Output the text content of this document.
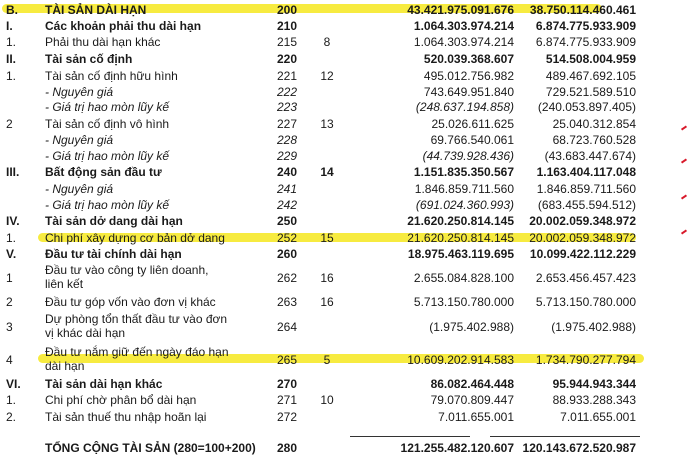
B. TÀI SẢN DÀI HẠN	200	43.421.975.091.676 38.750.114.460.461
I.	Các khoản phải thu dài hạn	210	1.064.303.974.214 6.874.775.933.909
1. Phải thu dài hạn khác	215	8	1.064.303.974.214 6.874.775.933.909
II. Tài sản cố định	220	520.039.368.607	514.508.004.959
1. Tài sản cố định hữu hình	221	12	495.012.756.982	489.467.692.105
- Nguyên giá	222	743.649.951.840	729.521.589.510
- Giá trị hao mòn lũy kế	223	(248.637.194.858) (240.053.897.405)
2	Tài sản cố định vô hình	227	13	25.026.611.625	25.040.312.854
- Nguyên giá	228	69.766.540.061	68.723.760.528
- Giá trị hao mòn lũy kế	229	(44.739.928.436)	(43.683.447.674)
III. Bất động sản đầu tư	240	14	1.151.835.350.567 1.163.404.117.048
- Nguyên giá	241	1.846.859.711.560 1.846.859.711.560
- Giá trị hao mòn lũy kế	242	(691.024.360.993) (683.455.594.512)
IV. Tài sản dở dang dài hạn	250	21.620.250.814.145 20.002.059.348.972
1. Chi phí xây dựng cơ bản dở dang	252	15	21.620.250.814.145 20.002.059.348.972
V. Đầu tư tài chính dài hạn	260	18.975.463.119.695 10.099.422.112.229
1
Đầu tư vào công ty liên doanh,
liên kết	262	16	2.655.084.828.100 2.653.456.457.423
2	Đầu tư góp vốn vào đơn vị khác	263	16	5.713.150.780.000 5.713.150.780.000
3
Dự phòng tổn thất đầu tư vào đơn
vị khác dài hạn	264	(1.975.402.988)	(1.975.402.988)
4
Đầu tư nắm giữ đến ngày đáo hạn
dài hạn	265	5	10.609.202.914.583 1.734.790.277.794
VI. Tài sản dài hạn khác	270	86.082.464.448	95.944.943.344
1. Chi phí chờ phân bổ dài hạn	271	10	79.070.809.447	88.933.288.343
2. Tài sản thuế thu nhập hoãn lại	272	7.011.655.001	7.011.655.001
TỔNG CỘNG TÀI SẢN (280=100+200)	280	121.255.482.120.607 120.143.672.520.987
